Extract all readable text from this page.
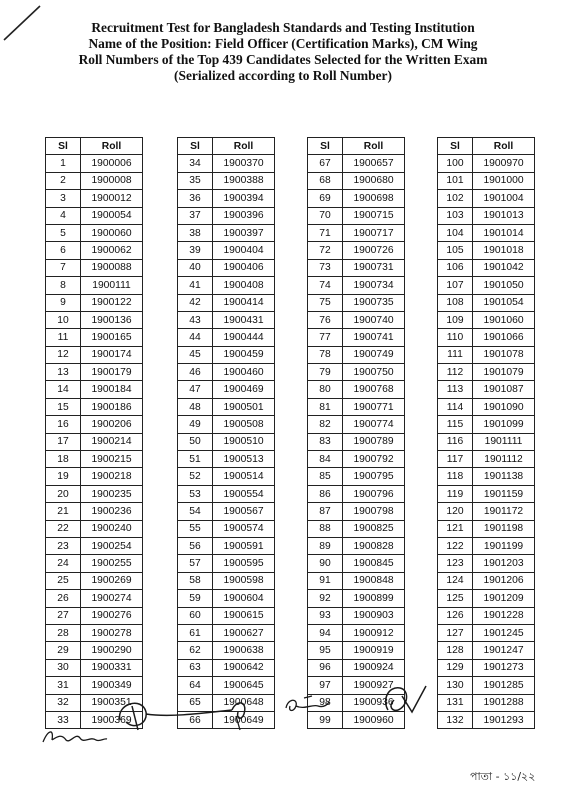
Recruitment Test for Bangladesh Standards and Testing Institution
Name of the Position: Field Officer (Certification Marks), CM Wing
Roll Numbers of the Top 439 Candidates Selected for the Written Exam
(Serialized according to Roll Number)
Sl	Roll
1	1900006
2	1900008
3	1900012
4	1900054
5	1900060
6	1900062
7	1900088
8	1900111
9	1900122
10	1900136
11	1900165
12	1900174
13	1900179
14	1900184
15	1900186
16	1900206
17	1900214
18	1900215
19	1900218
20	1900235
21	1900236
22	1900240
23	1900254
24	1900255
25	1900269
26	1900274
27	1900276
28	1900278
29	1900290
30	1900331
31	1900349
32	1900351
33	1900369
Sl	Roll
34	1900370
35	1900388
36	1900394
37	1900396
38	1900397
39	1900404
40	1900406
41	1900408
42	1900414
43	1900431
44	1900444
45	1900459
46	1900460
47	1900469
48	1900501
49	1900508
50	1900510
51	1900513
52	1900514
53	1900554
54	1900567
55	1900574
56	1900591
57	1900595
58	1900598
59	1900604
60	1900615
61	1900627
62	1900638
63	1900642
64	1900645
65	1900648
66	1900649
Sl	Roll
67	1900657
68	1900680
69	1900698
70	1900715
71	1900717
72	1900726
73	1900731
74	1900734
75	1900735
76	1900740
77	1900741
78	1900749
79	1900750
80	1900768
81	1900771
82	1900774
83	1900789
84	1900792
85	1900795
86	1900796
87	1900798
88	1900825
89	1900828
90	1900845
91	1900848
92	1900899
93	1900903
94	1900912
95	1900919
96	1900924
97	1900927
98	1900936
99	1900960
Sl	Roll
100	1900970
101	1901000
102	1901004
103	1901013
104	1901014
105	1901018
106	1901042
107	1901050
108	1901054
109	1901060
110	1901066
111	1901078
112	1901079
113	1901087
114	1901090
115	1901099
116	1901111
117	1901112
118	1901138
119	1901159
120	1901172
121	1901198
122	1901199
123	1901203
124	1901206
125	1901209
126	1901228
127	1901245
128	1901247
129	1901273
130	1901285
131	1901288
132	1901293
পাতা - ১১/২২
